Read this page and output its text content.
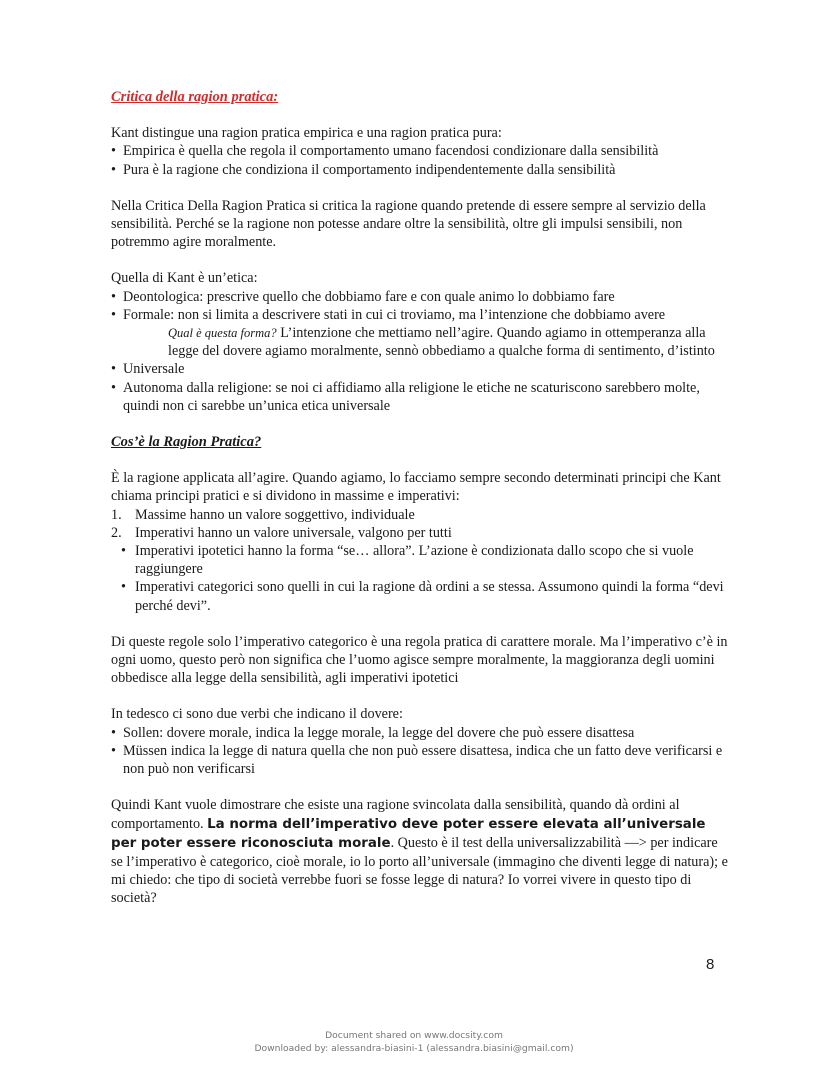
Critica della ragion pratica:

Kant distingue una ragion pratica empirica e una ragion pratica pura:

• Empirica è quella che regola il comportamento umano facendosi condizionare dalla sensibilità
• Pura è la ragione che condiziona il comportamento indipendentemente dalla sensibilità

Nella Critica Della Ragion Pratica si critica la ragione quando pretende di essere sempre al servizio della sensibilità. Perché se la ragione non potesse andare oltre la sensibilità, oltre gli impulsi sensibili, non potremmo agire moralmente.

Quella di Kant è un’etica:

• Deontologica: prescrive quello che dobbiamo fare e con quale animo lo dobbiamo fare
• Formale: non si limita a descrivere stati in cui ci troviamo, ma l’intenzione che dobbiamo avere
Qual è questa forma? L’intenzione che mettiamo nell’agire. Quando agiamo in ottemperanza alla legge del dovere agiamo moralmente, sennò obbediamo a qualche forma di sentimento, d’istinto
• Universale
• Autonoma dalla religione: se noi ci affidiamo alla religione le etiche ne scaturiscono sarebbero molte, quindi non ci sarebbe un’unica etica universale
Cos’è la Ragion Pratica?

È la ragione applicata all’agire. Quando agiamo, lo facciamo sempre secondo determinati principi che Kant chiama principi pratici e si dividono in massime e imperativi:

1. Massime hanno un valore soggettivo, individuale
2. Imperativi hanno un valore universale, valgono per tutti
• Imperativi ipotetici hanno la forma “se… allora”. L’azione è condizionata dallo scopo che si vuole raggiungere
• Imperativi categorici sono quelli in cui la ragione dà ordini a se stessa. Assumono quindi la forma “devi perché devi”.

Di queste regole solo l’imperativo categorico è una regola pratica di carattere morale. Ma l’imperativo c’è in ogni uomo, questo però non significa che l’uomo agisce sempre moralmente, la maggioranza degli uomini obbedisce alla legge della sensibilità, agli imperativi ipotetici

In tedesco ci sono due verbi che indicano il dovere:

• Sollen: dovere morale, indica la legge morale, la legge del dovere che può essere disattesa
• Müssen indica la legge di natura quella che non può essere disattesa, indica che un fatto deve verificarsi e non può non verificarsi

Quindi Kant vuole dimostrare che esiste una ragione svincolata dalla sensibilità, quando dà ordini al comportamento. La norma dell’imperativo deve poter essere elevata all’universale per poter essere riconosciuta morale. Questo è il test della universalizzabilità —> per indicare se l’imperativo è categorico, cioè morale, io lo porto all’universale (immagino che diventi legge di natura); e mi chiedo: che tipo di società verrebbe fuori se fosse legge di natura? Io vorrei vivere in questo tipo di società?

8
Document shared on www.docsity.com
Downloaded by: alessandra-biasini-1 (alessandra.biasini@gmail.com)
